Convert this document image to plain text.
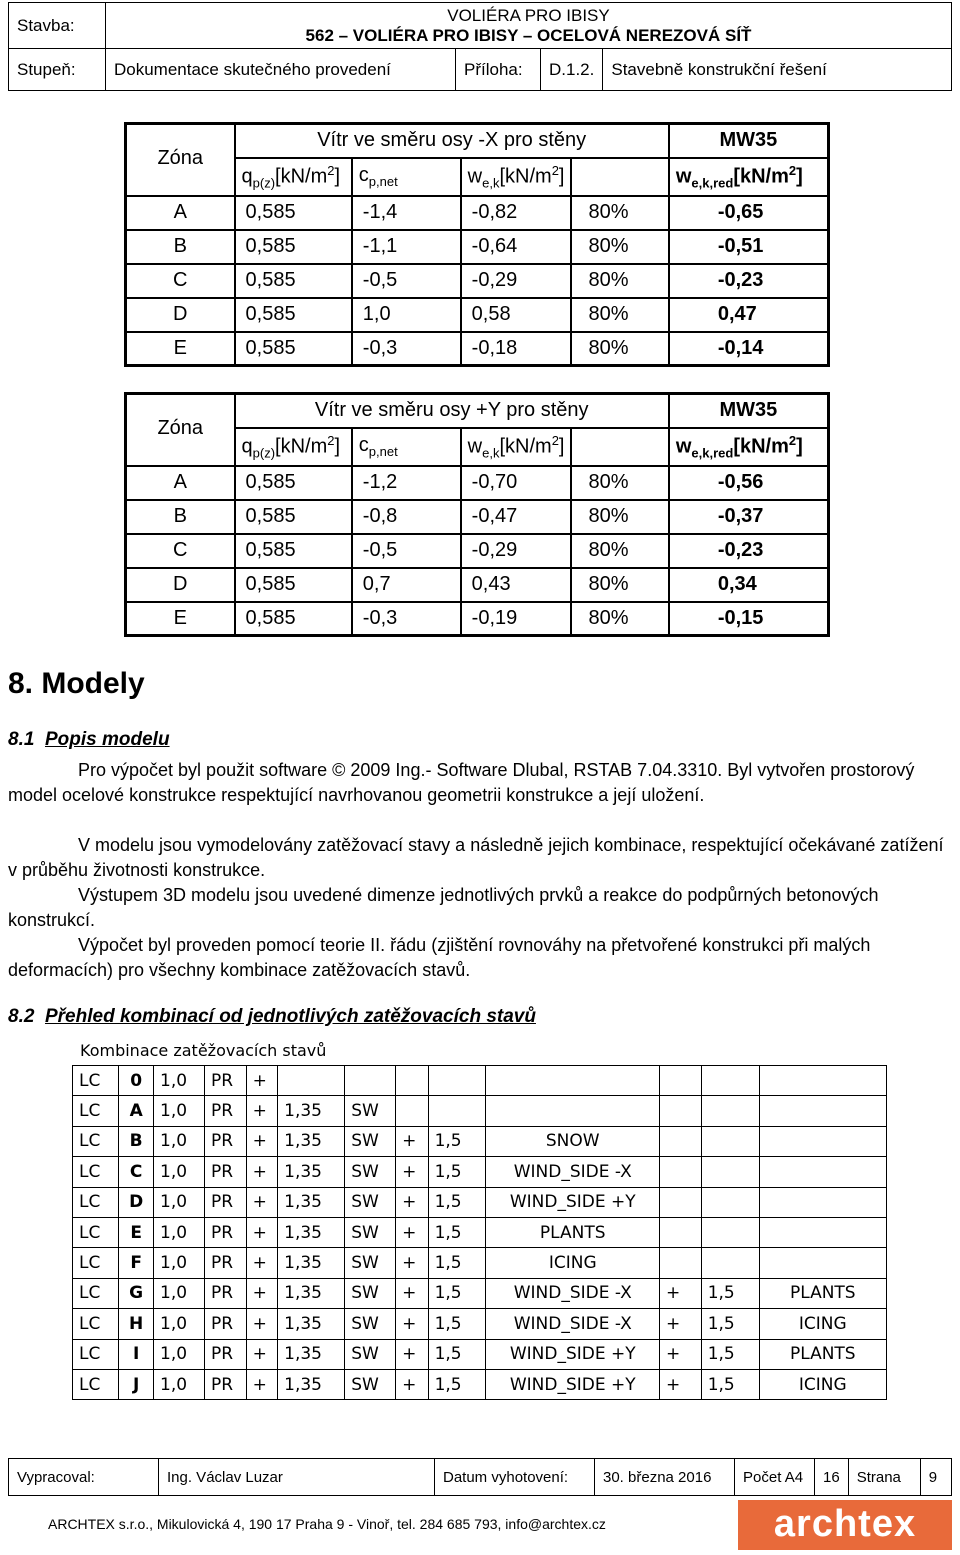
Stavba:	VOLIÉRA PRO IBISY
562 – VOLIÉRA PRO IBISY – OCELOVÁ NEREZOVÁ SÍŤ			

Stupeň:	Dokumentace skutečného provedení	Příloha:	D.1.2.	Stavebně konstrukční řešení
Zóna	Vítr ve směru osy -X pro stěny				MW35
	$q_{p(z)}[kN/m^2]$	$c_{p,net}$	$w_{e,k}[kN/m^2]$		$w_{e,k,red}[kN/m^2]$
A	0,585	-1,4	-0,82	80%	-0,65
B	0,585	-1,1	-0,64	80%	-0,51
C	0,585	-0,5	-0,29	80%	-0,23
D	0,585	1,0	0,58	80%	0,47
E	0,585	-0,3	-0,18	80%	-0,14
Zóna	Vítr ve směru osy +Y pro stěny				MW35
	$q_{p(z)}[kN/m^2]$	$c_{p,net}$	$w_{e,k}[kN/m^2]$		$w_{e,k,red}[kN/m^2]$
A	0,585	-1,2	-0,70	80%	-0,56
B	0,585	-0,8	-0,47	80%	-0,37
C	0,585	-0,5	-0,29	80%	-0,23
D	0,585	0,7	0,43	80%	0,34
E	0,585	-0,3	-0,19	80%	-0,15
8. Modely
8.1 Popis modelu
Pro výpočet byl použit software © 2009 Ing.- Software Dlubal, RSTAB 7.04.3310. Byl vytvořen prostorový model ocelové konstrukce respektující navrhovanou geometrii konstrukce a její uložení.
V modelu jsou vymodelovány zatěžovací stavy a následně jejich kombinace, respektující očekávané zatížení v průběhu životnosti konstrukce.
Výstupem 3D modelu jsou uvedené dimenze jednotlivých prvků a reakce do podpůrných betonových konstrukcí.
Výpočet byl proveden pomocí teorie II. řádu (zjištění rovnováhy na přetvořené konstrukci při malých deformacích) pro všechny kombinace zatěžovacích stavů.
8.2 Přehled kombinací od jednotlivých zatěžovacích stavů
Kombinace zatěžovacích stavů
LC	0	1,0	PR	+								
LC	A	1,0	PR	+	1,35	SW						
LC	B	1,0	PR	+	1,35	SW	+	1,5	SNOW			
LC	C	1,0	PR	+	1,35	SW	+	1,5	WIND_SIDE -X			
LC	D	1,0	PR	+	1,35	SW	+	1,5	WIND_SIDE +Y			
LC	E	1,0	PR	+	1,35	SW	+	1,5	PLANTS			
LC	F	1,0	PR	+	1,35	SW	+	1,5	ICING			
LC	G	1,0	PR	+	1,35	SW	+	1,5	WIND_SIDE -X	+	1,5	PLANTS
LC	H	1,0	PR	+	1,35	SW	+	1,5	WIND_SIDE -X	+	1,5	ICING
LC	I	1,0	PR	+	1,35	SW	+	1,5	WIND_SIDE +Y	+	1,5	PLANTS
LC	J	1,0	PR	+	1,35	SW	+	1,5	WIND_SIDE +Y	+	1,5	ICING
Vypracoval:	Ing. Václav Luzar	Datum vyhotovení:	30. března 2016	Počet A4	16	Strana	9
ARCHTEX s.r.o., Mikulovická 4, 190 17 Praha 9 - Vinoř, tel. 284 685 793, info@archtex.cz	archtex
